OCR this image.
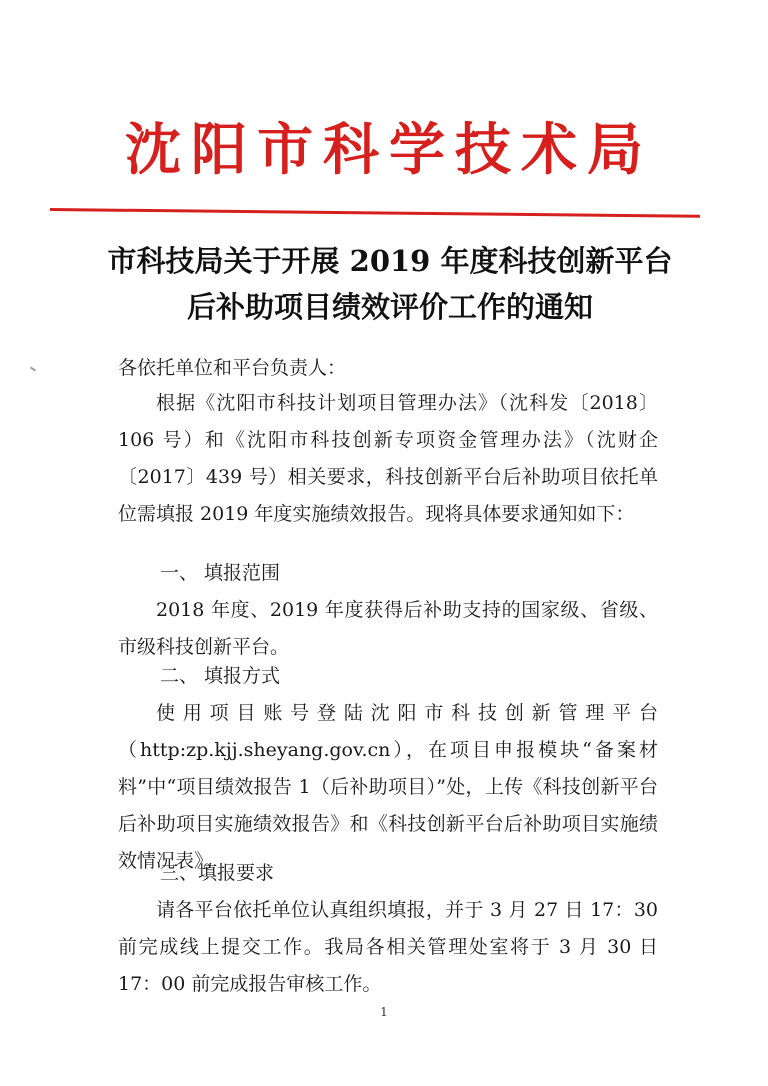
沈阳市科学技术局
市科技局关于开展 2019 年度科技创新平台
后补助项目绩效评价工作的通知
各依托单位和平台负责人：
根据《沈阳市科技计划项目管理办法》（沈科发〔2018〕106 号）和《沈阳市科技创新专项资金管理办法》（沈财企〔2017〕439 号）相关要求，科技创新平台后补助项目依托单位需填报 2019 年度实施绩效报告。现将具体要求通知如下：
一、 填报范围
2018 年度、2019 年度获得后补助支持的国家级、省级、市级科技创新平台。
二、 填报方式
使用项目账号登陆沈阳市科技创新管理平台（http:zp.kjj.sheyang.gov.cn），在项目申报模块“备案材料”中“项目绩效报告 1（后补助项目）”处，上传《科技创新平台后补助项目实施绩效报告》和《科技创新平台后补助项目实施绩效情况表》。
三、填报要求
请各平台依托单位认真组织填报，并于 3 月 27 日 17：30 前完成线上提交工作。我局各相关管理处室将于 3 月 30 日 17：00 前完成报告审核工作。
1
